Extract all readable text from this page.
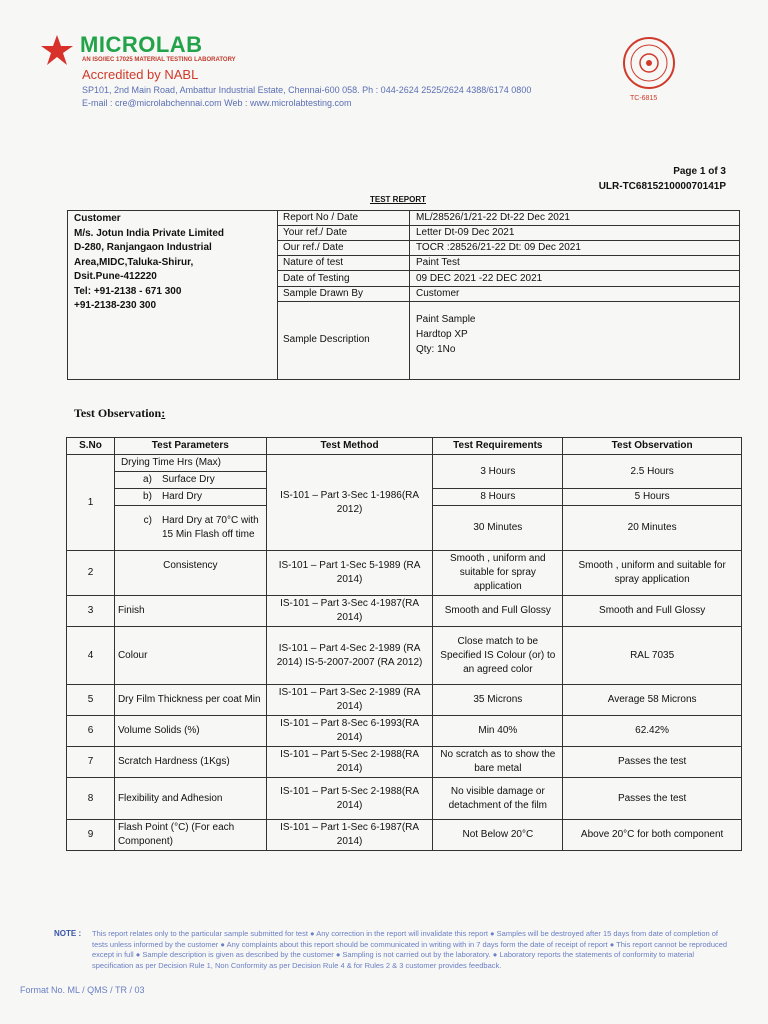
MICROLAB
AN ISO/IEC 17025 MATERIAL TESTING LABORATORY
Accredited by NABL
SP101, 2nd Main Road, Ambattur Industrial Estate, Chennai-600 058. Ph : 044-2624 2525/2624 4388/6174 0800
E-mail : cre@microlabchennai.com Web : www.microlabtesting.com	TC-6815
Page 1 of 3
ULR-TC681521000070141P
TEST REPORT
Customer
M/s. Jotun India Private Limited
D-280, Ranjangaon Industrial
Area,MIDC,Taluka-Shirur,
Dsit.Pune-412220
Tel: +91-2138 - 671 300
+91-2138-230 300
Report No / Date	ML/28526/1/21-22 Dt-22 Dec 2021
Your ref./ Date	Letter Dt-09 Dec 2021
Our ref./ Date	TOCR :28526/21-22 Dt: 09 Dec 2021
Nature of test	Paint Test
Date of Testing	09 DEC 2021 -22 DEC 2021
Sample Drawn By	Customer
Sample Description
Paint Sample
Hardtop XP
Qty: 1No
Test Observation:
S.No	Test Parameters	Test Method	Test Requirements	Test Observation
1	Drying Time Hrs (Max)	IS-101 – Part 3-Sec 1-1986(RA 2012)	3 Hours	2.5 Hours
	a) Surface Dry			
	b) Hard Dry		8 Hours	5 Hours

	c) Hard Dry at 70°C with 15 Min Flash off time		30 Minutes	20 Minutes
2	Consistency	IS-101 – Part 1-Sec 5-1989 (RA 2014)	Smooth , uniform and suitable for spray application	Smooth , uniform and suitable for spray application
3	Finish	IS-101 – Part 3-Sec 4-1987(RA 2014)	Smooth and Full Glossy	Smooth and Full Glossy
4	Colour	IS-101 – Part 4-Sec 2-1989 (RA 2014) IS-5-2007-2007 (RA 2012)	Close match to be Specified IS Colour (or) to an agreed color	RAL 7035
5	Dry Film Thickness per coat Min	IS-101 – Part 3-Sec 2-1989 (RA 2014)	35 Microns	Average 58 Microns
6	Volume Solids (%)	IS-101 – Part 8-Sec 6-1993(RA 2014)	Min 40%	62.42%
7	Scratch Hardness (1Kgs)	IS-101 – Part 5-Sec 2-1988(RA 2014)	No scratch as to show the bare metal	Passes the test
8	Flexibility and Adhesion	IS-101 – Part 5-Sec 2-1988(RA 2014)	No visible damage or detachment of the film	Passes the test
9	Flash Point (°C) (For each Component)	IS-101 – Part 1-Sec 6-1987(RA 2014)	Not Below 20°C	Above 20°C for both component
NOTE : This report relates only to the particular sample submitted for test ● Any correction in the report will invalidate this report ● Samples will be destroyed after 15 days from date of completion of tests unless informed by the customer ● Any complaints about this report should be communicated in writing with in 7 days form the date of receipt of report ● This report cannot be reproduced except in full ● Sample description is given as described by the customer ● Sampling is not carried out by the laboratory. ● Laboratory reports the statements of conformity to material specification as per Decision Rule 1, Non Conformity as per Decision Rule 4 & for Rules 2 & 3 customer provides feedback.
Format No. ML / QMS / TR / 03
